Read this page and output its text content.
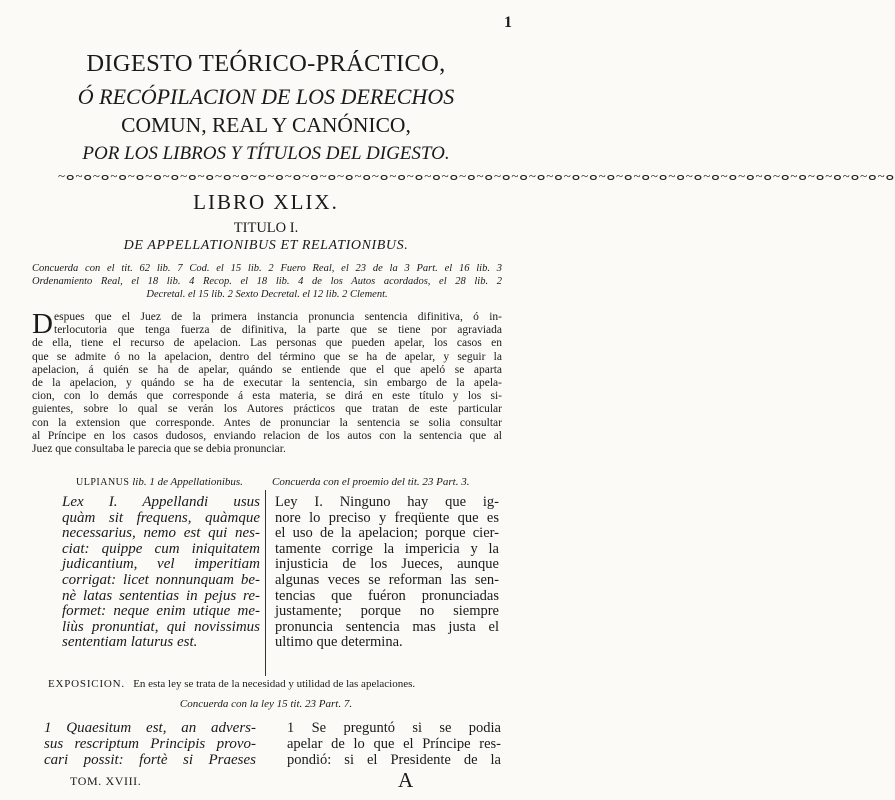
1
DIGESTO TEÓRICO-PRÁCTICO,
Ó RECÓPILACION DE LOS DERECHOS
COMUN, REAL Y CANÓNICO,
POR LOS LIBROS Y TÍTULOS DEL DIGESTO.
~ⴰ~ⴰ~ⴰ~ⴰ~ⴰ~ⴰ~ⴰ~ⴰ~ⴰ~ⴰ~ⴰ~ⴰ~ⴰ~ⴰ~ⴰ~ⴰ~ⴰ~ⴰ~ⴰ~ⴰ~ⴰ~ⴰ~ⴰ~ⴰ~ⴰ~ⴰ~ⴰ~ⴰ~ⴰ~ⴰ~ⴰ~ⴰ~ⴰ~ⴰ~ⴰ~ⴰ~ⴰ~ⴰ~ⴰ~ⴰ~ⴰ~ⴰ~ⴰ~ⴰ~ⴰ~ⴰ~ⴰ~ⴰ
LIBRO XLIX.
TITULO I.
DE APPELLATIONIBUS ET RELATIONIBUS.
Concuerda con el tit. 62 lib. 7 Cod. el 15 lib. 2 Fuero Real, el 23 de la 3 Part. el 16 lib. 3
Ordenamiento Real, el 18 lib. 4 Recop. el 18 lib. 4 de los Autos acordados, el 28 lib. 2
Decretal. el 15 lib. 2 Sexto Decretal. el 12 lib. 2 Clement.
D espues que el Juez de la primera instancia pronuncia sentencia difinitiva, ó in-
terlocutoria que tenga fuerza de difinitiva, la parte que se tiene por agraviada
de ella, tiene el recurso de apelacion. Las personas que pueden apelar, los casos en
que se admite ó no la apelacion, dentro del término que se ha de apelar, y seguir la
apelacion, á quién se ha de apelar, quándo se entiende que el que apeló se aparta
de la apelacion, y quándo se ha de executar la sentencia, sin embargo de la apela-
cion, con lo demás que corresponde á esta materia, se dirá en este título y los si-
guientes, sobre lo qual se verán los Autores prácticos que tratan de este particular
con la extension que corresponde. Antes de pronunciar la sentencia se solia consultar
al Príncipe en los casos dudosos, enviando relacion de los autos con la sentencia que al
Juez que consultaba le parecia que se debia pronunciar.
ULPIANUS lib. 1 de Appellationibus.	Concuerda con el proemio del tit. 23 Part. 3.
Lex I. Appellandi usus
quàm sit frequens, quàmque
necessarius, nemo est qui nes-
ciat: quippe cum iniquitatem
judicantium, vel imperitiam
corrigat: licet nonnunquam be-
nè latas sententias in pejus re-
formet: neque enim utique me-
liùs pronuntiat, qui novissimus
sententiam laturus est.
Ley I. Ninguno hay que ig-
nore lo preciso y freqüente que es
el uso de la apelacion; porque cier-
tamente corrige la impericia y la
injusticia de los Jueces, aunque
algunas veces se reforman las sen-
tencias que fuéron pronunciadas
justamente; porque no siempre
pronuncia sentencia mas justa el
ultimo que determina.
EXPOSICION. En esta ley se trata de la necesidad y utilidad de las apelaciones.
Concuerda con la ley 15 tit. 23 Part. 7.
1 Quaesitum est, an advers-
sus rescriptum Principis provo-
cari possit: fortè si Praeses
1 Se preguntó si se podia
apelar de lo que el Príncipe res-
pondió: si el Presidente de la
TOM. XVIII.	A
